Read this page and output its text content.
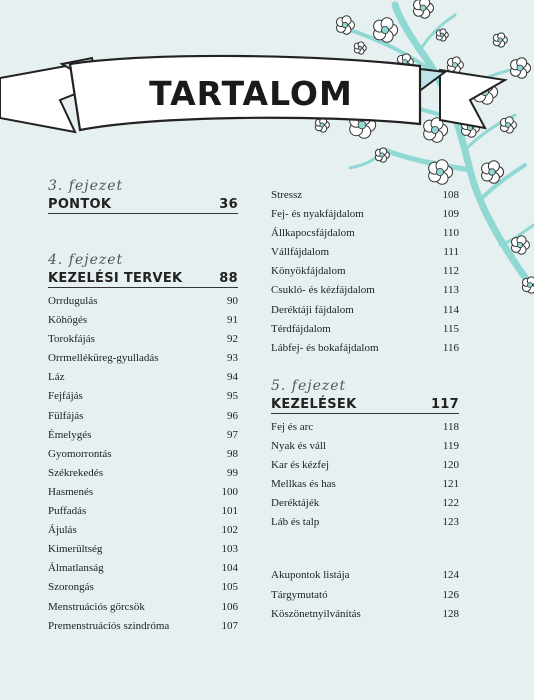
TARTALOM
3. fejezet
PONTOK	36
4. fejezet
KEZELÉSI TERVEK	88
Orrdugulás	90
Köhögés	91
Torokfájás	92
Orrmelléküreg-gyulladás	93
Láz	94
Fejfájás	95
Fülfájás	96
Émelygés	97
Gyomorrontás	98
Székrekedés	99
Hasmenés	100
Puffadás	101
Ájulás	102
Kimerültség	103
Álmatlanság	104
Szorongás	105
Menstruációs görcsök	106
Premenstruációs szindróma	107
Stressz	108
Fej- és nyakfájdalom	109
Állkapocsfájdalom	110
Vállfájdalom	111
Könyökfájdalom	112
Csukló- és kézfájdalom	113
Deréktáji fájdalom	114
Térdfájdalom	115
Lábfej- és bokafájdalom	116
5. fejezet
KEZELÉSEK	117
Fej és arc	118
Nyak és váll	119
Kar és kézfej	120
Mellkas és has	121
Deréktájék	122
Láb és talp	123
Akupontok listája	124
Tárgymutató	126
Köszönetnyilvánítás	128
